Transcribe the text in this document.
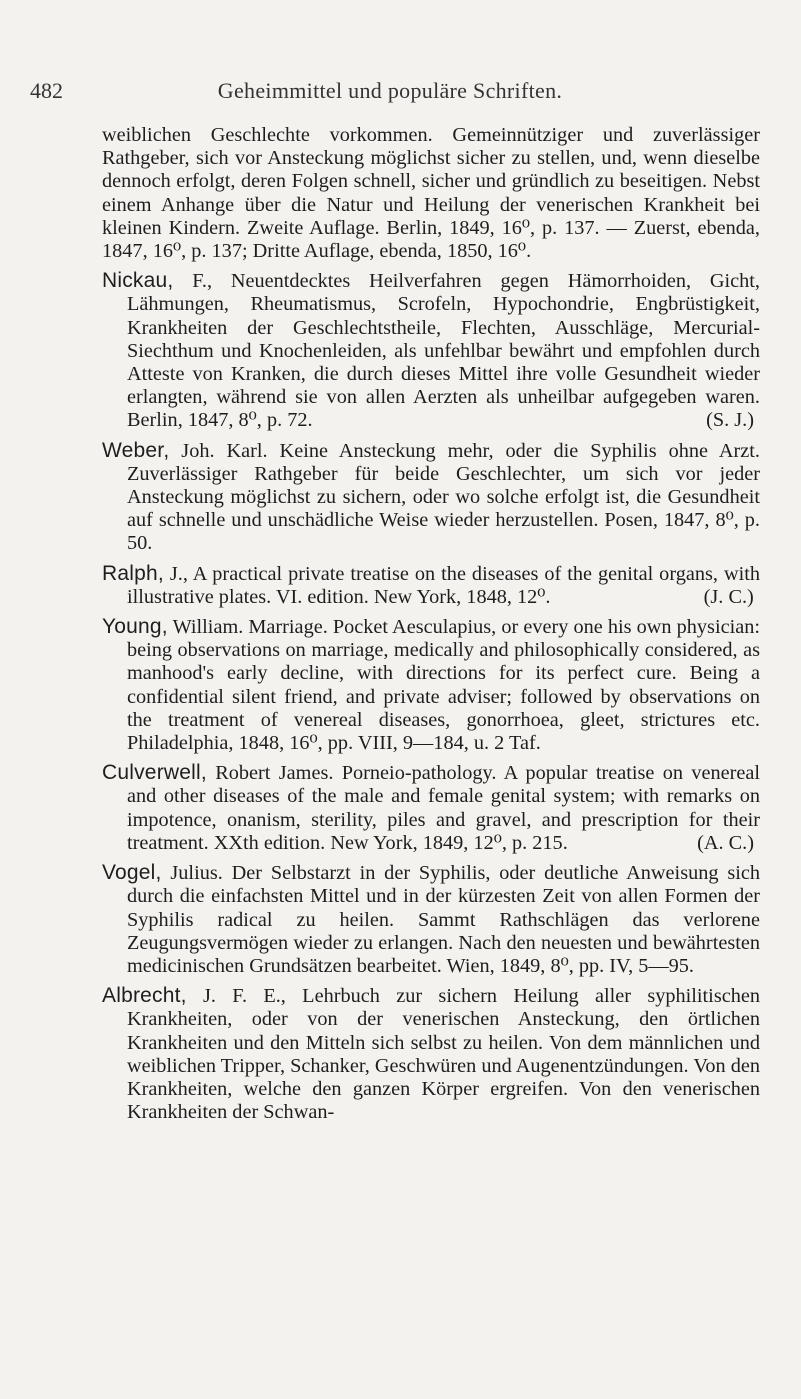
482	Geheimmittel und populäre Schriften.

weiblichen Geschlechte vorkommen. Gemeinnütziger und zuverlässiger Rathgeber, sich vor Ansteckung möglichst sicher zu stellen, und, wenn dieselbe dennoch erfolgt, deren Folgen schnell, sicher und gründlich zu beseitigen. Nebst einem Anhange über die Natur und Heilung der venerischen Krankheit bei kleinen Kindern. Zweite Auflage. Berlin, 1849, 16⁰, p. 137. — Zuerst, ebenda, 1847, 16⁰, p. 137; Dritte Auflage, ebenda, 1850, 16⁰.

Nickau, F., Neuentdecktes Heilverfahren gegen Hämorrhoiden, Gicht, Lähmungen, Rheumatismus, Scrofeln, Hypochondrie, Engbrüstigkeit, Krankheiten der Geschlechtstheile, Flechten, Ausschläge, Mercurial-Siechthum und Knochenleiden, als unfehlbar bewährt und empfohlen durch Atteste von Kranken, die durch dieses Mittel ihre volle Gesundheit wieder erlangten, während sie von allen Aerzten als unheilbar aufgegeben waren. Berlin, 1847, 8⁰, p. 72.	(S. J.)

Weber, Joh. Karl. Keine Ansteckung mehr, oder die Syphilis ohne Arzt. Zuverlässiger Rathgeber für beide Geschlechter, um sich vor jeder Ansteckung möglichst zu sichern, oder wo solche erfolgt ist, die Gesundheit auf schnelle und unschädliche Weise wieder herzustellen. Posen, 1847, 8⁰, p. 50.

Ralph, J., A practical private treatise on the diseases of the genital organs, with illustrative plates. VI. edition. New York, 1848, 12⁰.	(J. C.)

Young, William. Marriage. Pocket Aesculapius, or every one his own physician: being observations on marriage, medically and philosophically considered, as manhood's early decline, with directions for its perfect cure. Being a confidential silent friend, and private adviser; followed by observations on the treatment of venereal diseases, gonorrhoea, gleet, strictures etc. Philadelphia, 1848, 16⁰, pp. VIII, 9—184, u. 2 Taf.

Culverwell, Robert James. Porneio-pathology. A popular treatise on venereal and other diseases of the male and female genital system; with remarks on impotence, onanism, sterility, piles and gravel, and prescription for their treatment. XXth edition. New York, 1849, 12⁰, p. 215.	(A. C.)

Vogel, Julius. Der Selbstarzt in der Syphilis, oder deutliche Anweisung sich durch die einfachsten Mittel und in der kürzesten Zeit von allen Formen der Syphilis radical zu heilen. Sammt Rathschlägen das verlorene Zeugungsvermögen wieder zu erlangen. Nach den neuesten und bewährtesten medicinischen Grundsätzen bearbeitet. Wien, 1849, 8⁰, pp. IV, 5—95.

Albrecht, J. F. E., Lehrbuch zur sichern Heilung aller syphilitischen Krankheiten, oder von der venerischen Ansteckung, den örtlichen Krankheiten und den Mitteln sich selbst zu heilen. Von dem männlichen und weiblichen Tripper, Schanker, Geschwüren und Augenentzündungen. Von den Krankheiten, welche den ganzen Körper ergreifen. Von den venerischen Krankheiten der Schwan-
